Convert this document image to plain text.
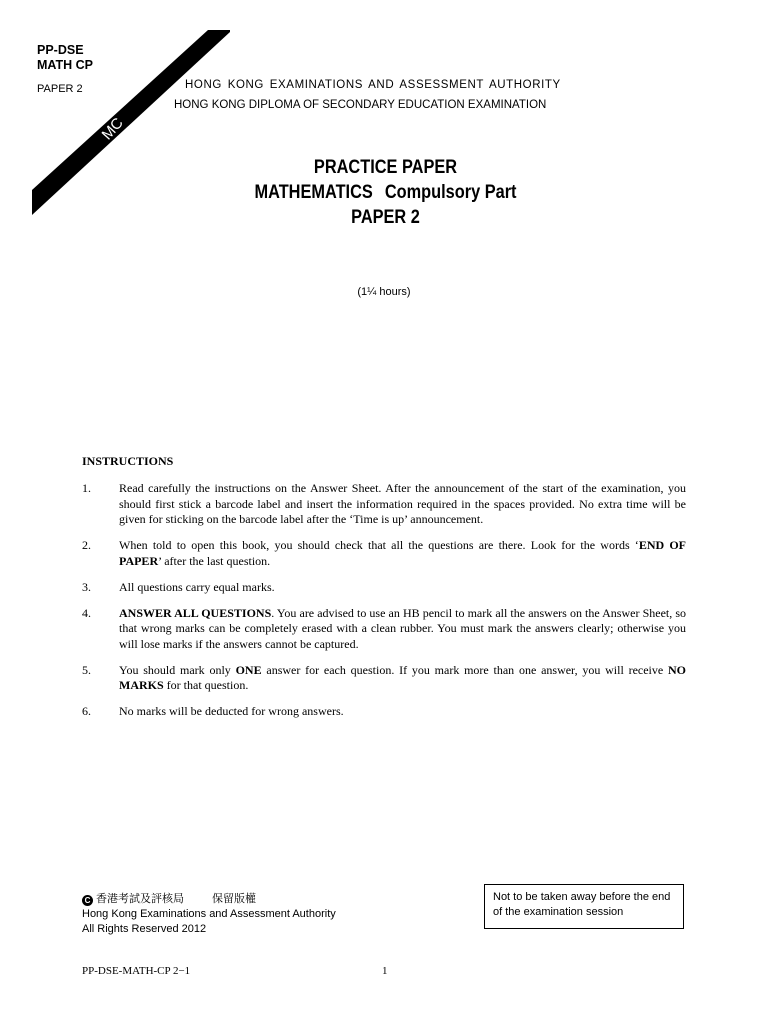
MC
PP-DSE
MATH CP
PAPER 2	HONG KONG EXAMINATIONS AND ASSESSMENT AUTHORITY
HONG KONG DIPLOMA OF SECONDARY EDUCATION EXAMINATION
PRACTICE PAPER
MATHEMATICS Compulsory Part
PAPER 2
(1¼ hours)
INSTRUCTIONS
1.	Read carefully the instructions on the Answer Sheet. After the announcement of the start of the examination, you should first stick a barcode label and insert the information required in the spaces provided. No extra time will be given for sticking on the barcode label after the ‘Time is up’ announcement.
2.	When told to open this book, you should check that all the questions are there. Look for the words ‘END OF PAPER’ after the last question.
3.	All questions carry equal marks.
4.	ANSWER ALL QUESTIONS. You are advised to use an HB pencil to mark all the answers on the Answer Sheet, so that wrong marks can be completely erased with a clean rubber. You must mark the answers clearly; otherwise you will lose marks if the answers cannot be captured.
5.	You should mark only ONE answer for each question. If you mark more than one answer, you will receive NO MARKS for that question.
6.	No marks will be deducted for wrong answers.
C 香港考試及評核局	保留版權
Hong Kong Examinations and Assessment Authority
All Rights Reserved 2012
Not to be taken away before the end of the examination session
PP-DSE-MATH-CP 2−1	1
